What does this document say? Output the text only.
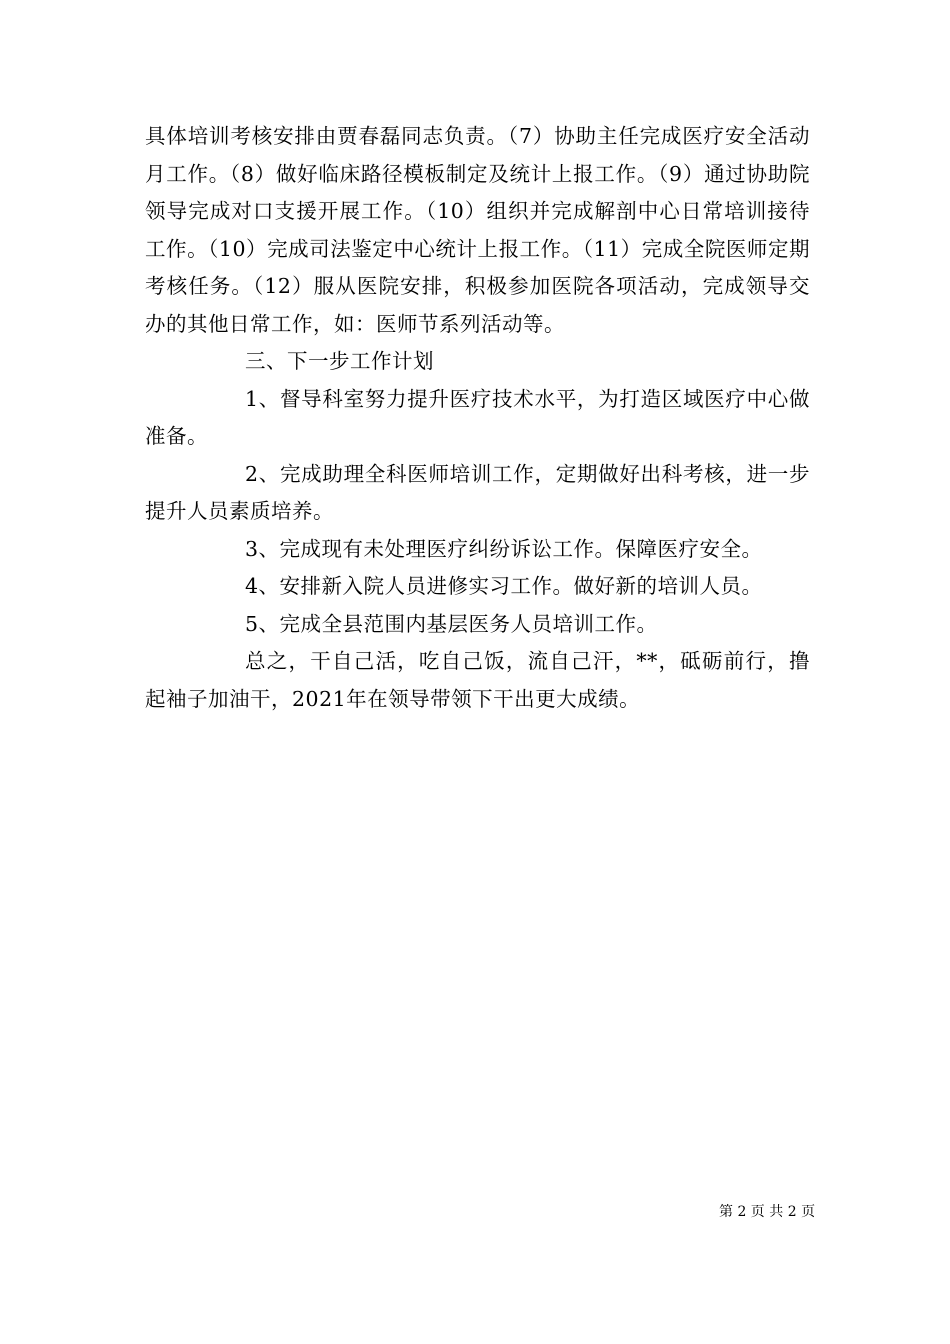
具体培训考核安排由贾春磊同志负责。（7）协助主任完成医疗安全活动月工作。（8）做好临床路径模板制定及统计上报工作。（9）通过协助院领导完成对口支援开展工作。（10）组织并完成解剖中心日常培训接待工作。（10）完成司法鉴定中心统计上报工作。（11）完成全院医师定期考核任务。（12）服从医院安排，积极参加医院各项活动，完成领导交办的其他日常工作，如：医师节系列活动等。

三、下一步工作计划

1、督导科室努力提升医疗技术水平，为打造区域医疗中心做准备。

2、完成助理全科医师培训工作，定期做好出科考核，进一步提升人员素质培养。

3、完成现有未处理医疗纠纷诉讼工作。保障医疗安全。

4、安排新入院人员进修实习工作。做好新的培训人员。

5、完成全县范围内基层医务人员培训工作。

总之，干自己活，吃自己饭，流自己汗，**，砥砺前行，撸起袖子加油干，2021年在领导带领下干出更大成绩。

第 2 页 共 2 页
